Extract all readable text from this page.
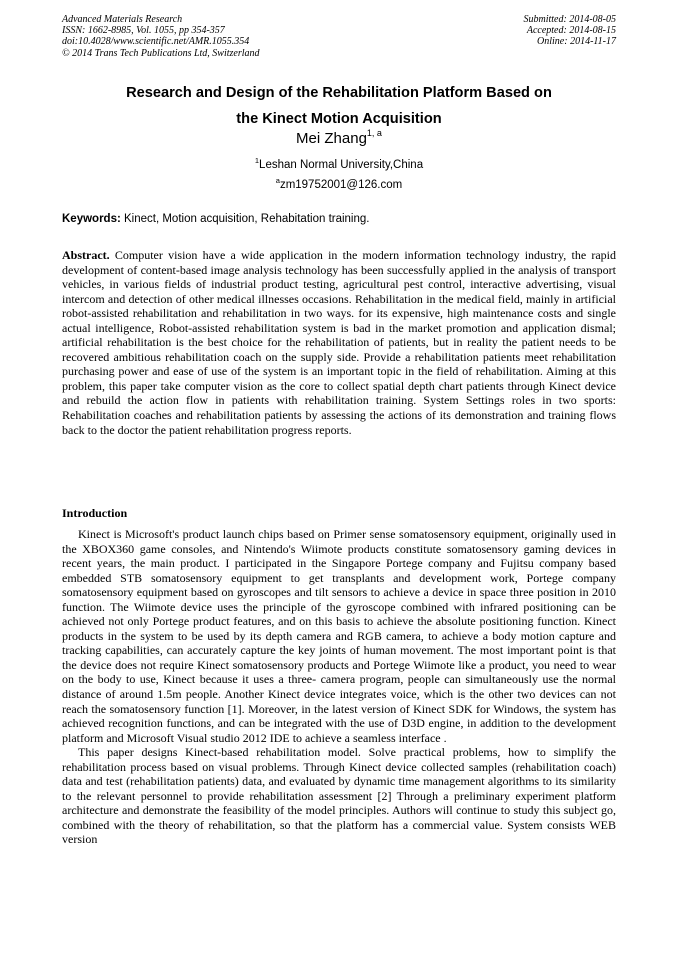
Advanced Materials Research
ISSN: 1662-8985, Vol. 1055, pp 354-357
doi:10.4028/www.scientific.net/AMR.1055.354
© 2014 Trans Tech Publications Ltd, Switzerland
Submitted: 2014-08-05
Accepted: 2014-08-15
Online: 2014-11-17
Research and Design of the Rehabilitation Platform Based on
the Kinect Motion Acquisition
Mei Zhang$^{1, a}$
$^1$Leshan Normal University,China
$^a$zm19752001@126.com
Keywords: Kinect, Motion acquisition, Rehabitation training.
Abstract. Computer vision have a wide application in the modern information technology industry, the rapid development of content-based image analysis technology has been successfully applied in the analysis of transport vehicles, in various fields of industrial product testing, agricultural pest control, interactive advertising, visual intercom and detection of other medical illnesses occasions. Rehabilitation in the medical field, mainly in artificial robot-assisted rehabilitation and rehabilitation in two ways. for its expensive, high maintenance costs and single actual intelligence, Robot-assisted rehabilitation system is bad in the market promotion and application dismal; artificial rehabilitation is the best choice for the rehabilitation of patients, but in reality the patient needs to be recovered ambitious rehabilitation coach on the supply side. Provide a rehabilitation patients meet rehabilitation purchasing power and ease of use of the system is an important topic in the field of rehabilitation. Aiming at this problem, this paper take computer vision as the core to collect spatial depth chart patients through Kinect device and rebuild the action flow in patients with rehabilitation training. System Settings roles in two sports: Rehabilitation coaches and rehabilitation patients by assessing the actions of its demonstration and training flows back to the doctor the patient rehabilitation progress reports.
Introduction

Kinect is Microsoft's product launch chips based on Primer sense somatosensory equipment, originally used in the XBOX360 game consoles, and Nintendo's Wiimote products constitute somatosensory gaming devices in recent years, the main product. I participated in the Singapore Portege company and Fujitsu company based embedded STB somatosensory equipment to get transplants and development work, Portege company somatosensory equipment based on gyroscopes and tilt sensors to achieve a device in space three position in 2010 function. The Wiimote device uses the principle of the gyroscope combined with infrared positioning can be achieved not only Portege product features, and on this basis to achieve the absolute positioning function. Kinect products in the system to be used by its depth camera and RGB camera, to achieve a body motion capture and tracking capabilities, can accurately capture the key joints of human movement. The most important point is that the device does not require Kinect somatosensory products and Portege Wiimote like a product, you need to wear on the body to use, Kinect because it uses a three- camera program, people can simultaneously use the normal distance of around 1.5m people. Another Kinect device integrates voice, which is the other two devices can not reach the somatosensory function [1]. Moreover, in the latest version of Kinect SDK for Windows, the system has achieved recognition functions, and can be integrated with the use of D3D engine, in addition to the development platform and Microsoft Visual studio 2012 IDE to achieve a seamless interface .

This paper designs Kinect-based rehabilitation model. Solve practical problems, how to simplify the rehabilitation process based on visual problems. Through Kinect device collected samples (rehabilitation coach) data and test (rehabilitation patients) data, and evaluated by dynamic time management algorithms to its similarity to the relevant personnel to provide rehabilitation assessment [2] Through a preliminary experiment platform architecture and demonstrate the feasibility of the model principles. Authors will continue to study this subject go, combined with the theory of rehabilitation, so that the platform has a commercial value. System consists WEB version
